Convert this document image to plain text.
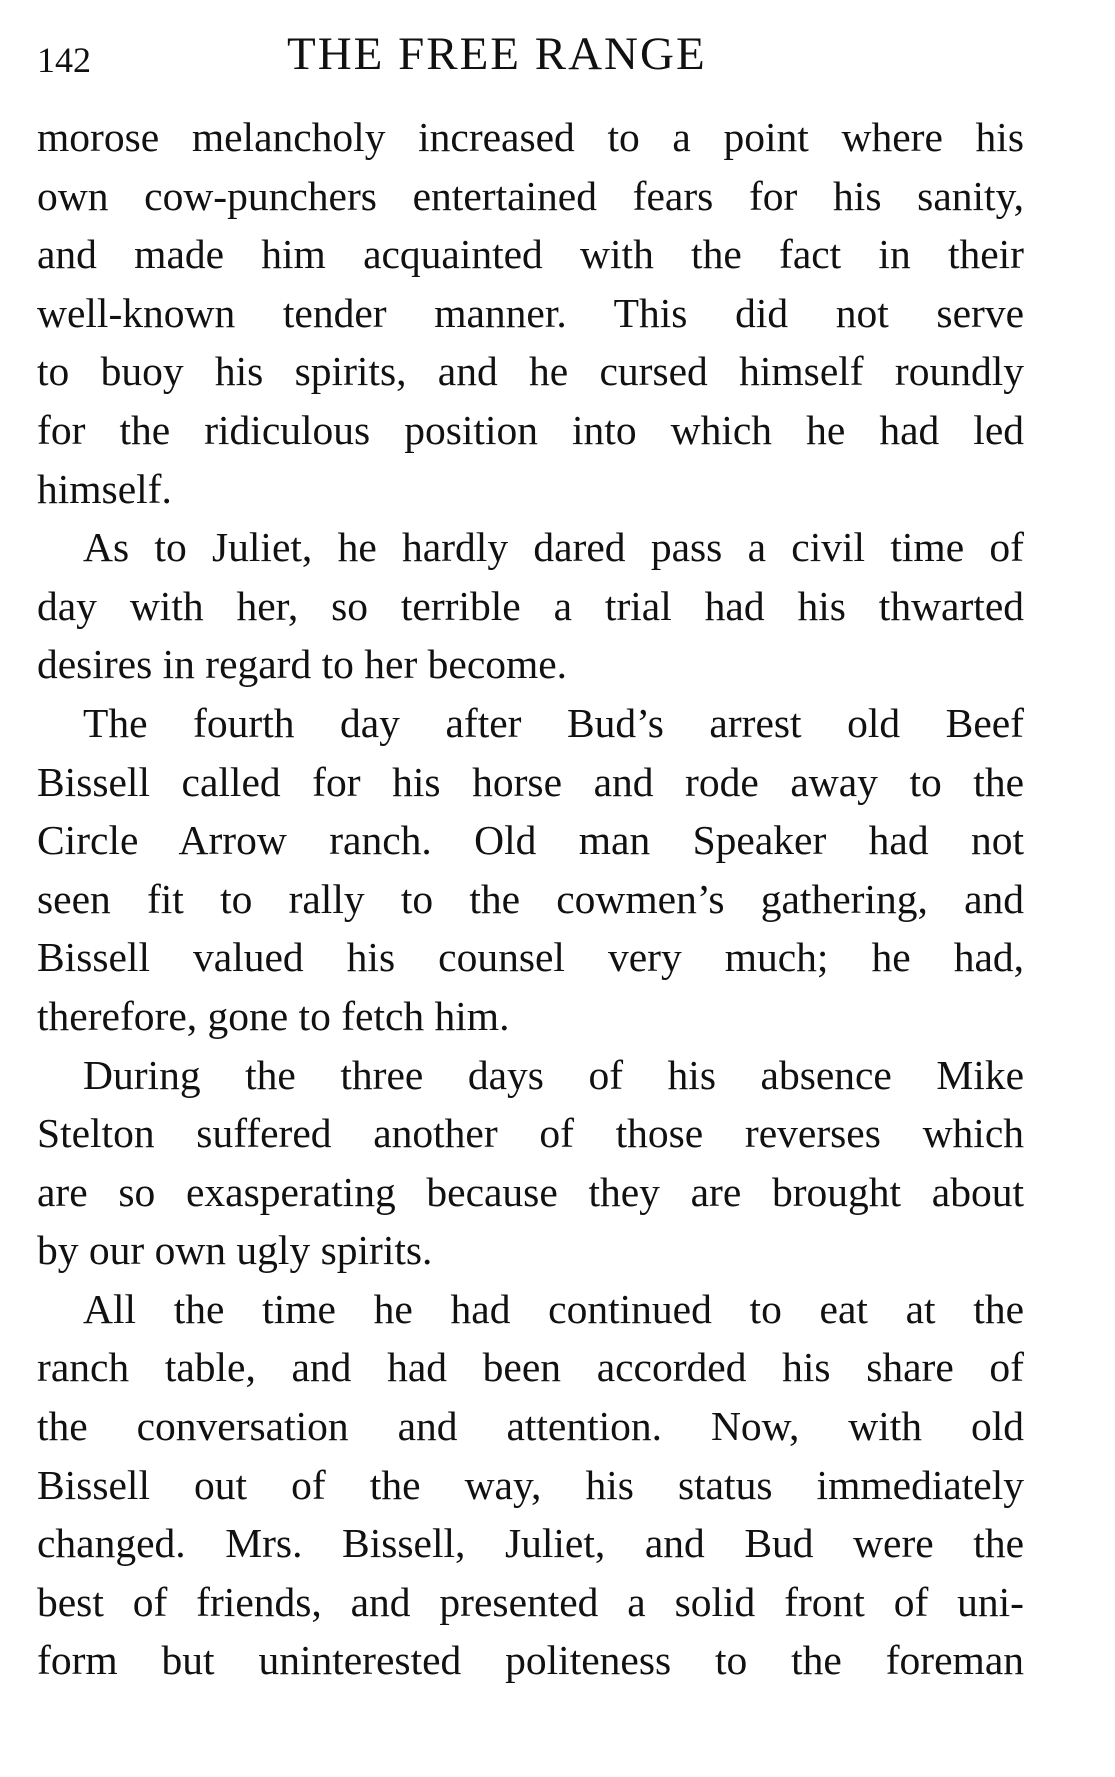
142	THE FREE RANGE
morose melancholy increased to a point where his
own cow-punchers entertained fears for his sanity,
and made him acquainted with the fact in their
well-known tender manner. This did not serve
to buoy his spirits, and he cursed himself roundly
for the ridiculous position into which he had led
himself.
As to Juliet, he hardly dared pass a civil time of
day with her, so terrible a trial had his thwarted
desires in regard to her become.
The fourth day after Bud’s arrest old Beef
Bissell called for his horse and rode away to the
Circle Arrow ranch. Old man Speaker had not
seen fit to rally to the cowmen’s gathering, and
Bissell valued his counsel very much; he had,
therefore, gone to fetch him.
During the three days of his absence Mike
Stelton suffered another of those reverses which
are so exasperating because they are brought about
by our own ugly spirits.
All the time he had continued to eat at the
ranch table, and had been accorded his share of
the conversation and attention. Now, with old
Bissell out of the way, his status immediately
changed. Mrs. Bissell, Juliet, and Bud were the
best of friends, and presented a solid front of uni-
form but uninterested politeness to the foreman
